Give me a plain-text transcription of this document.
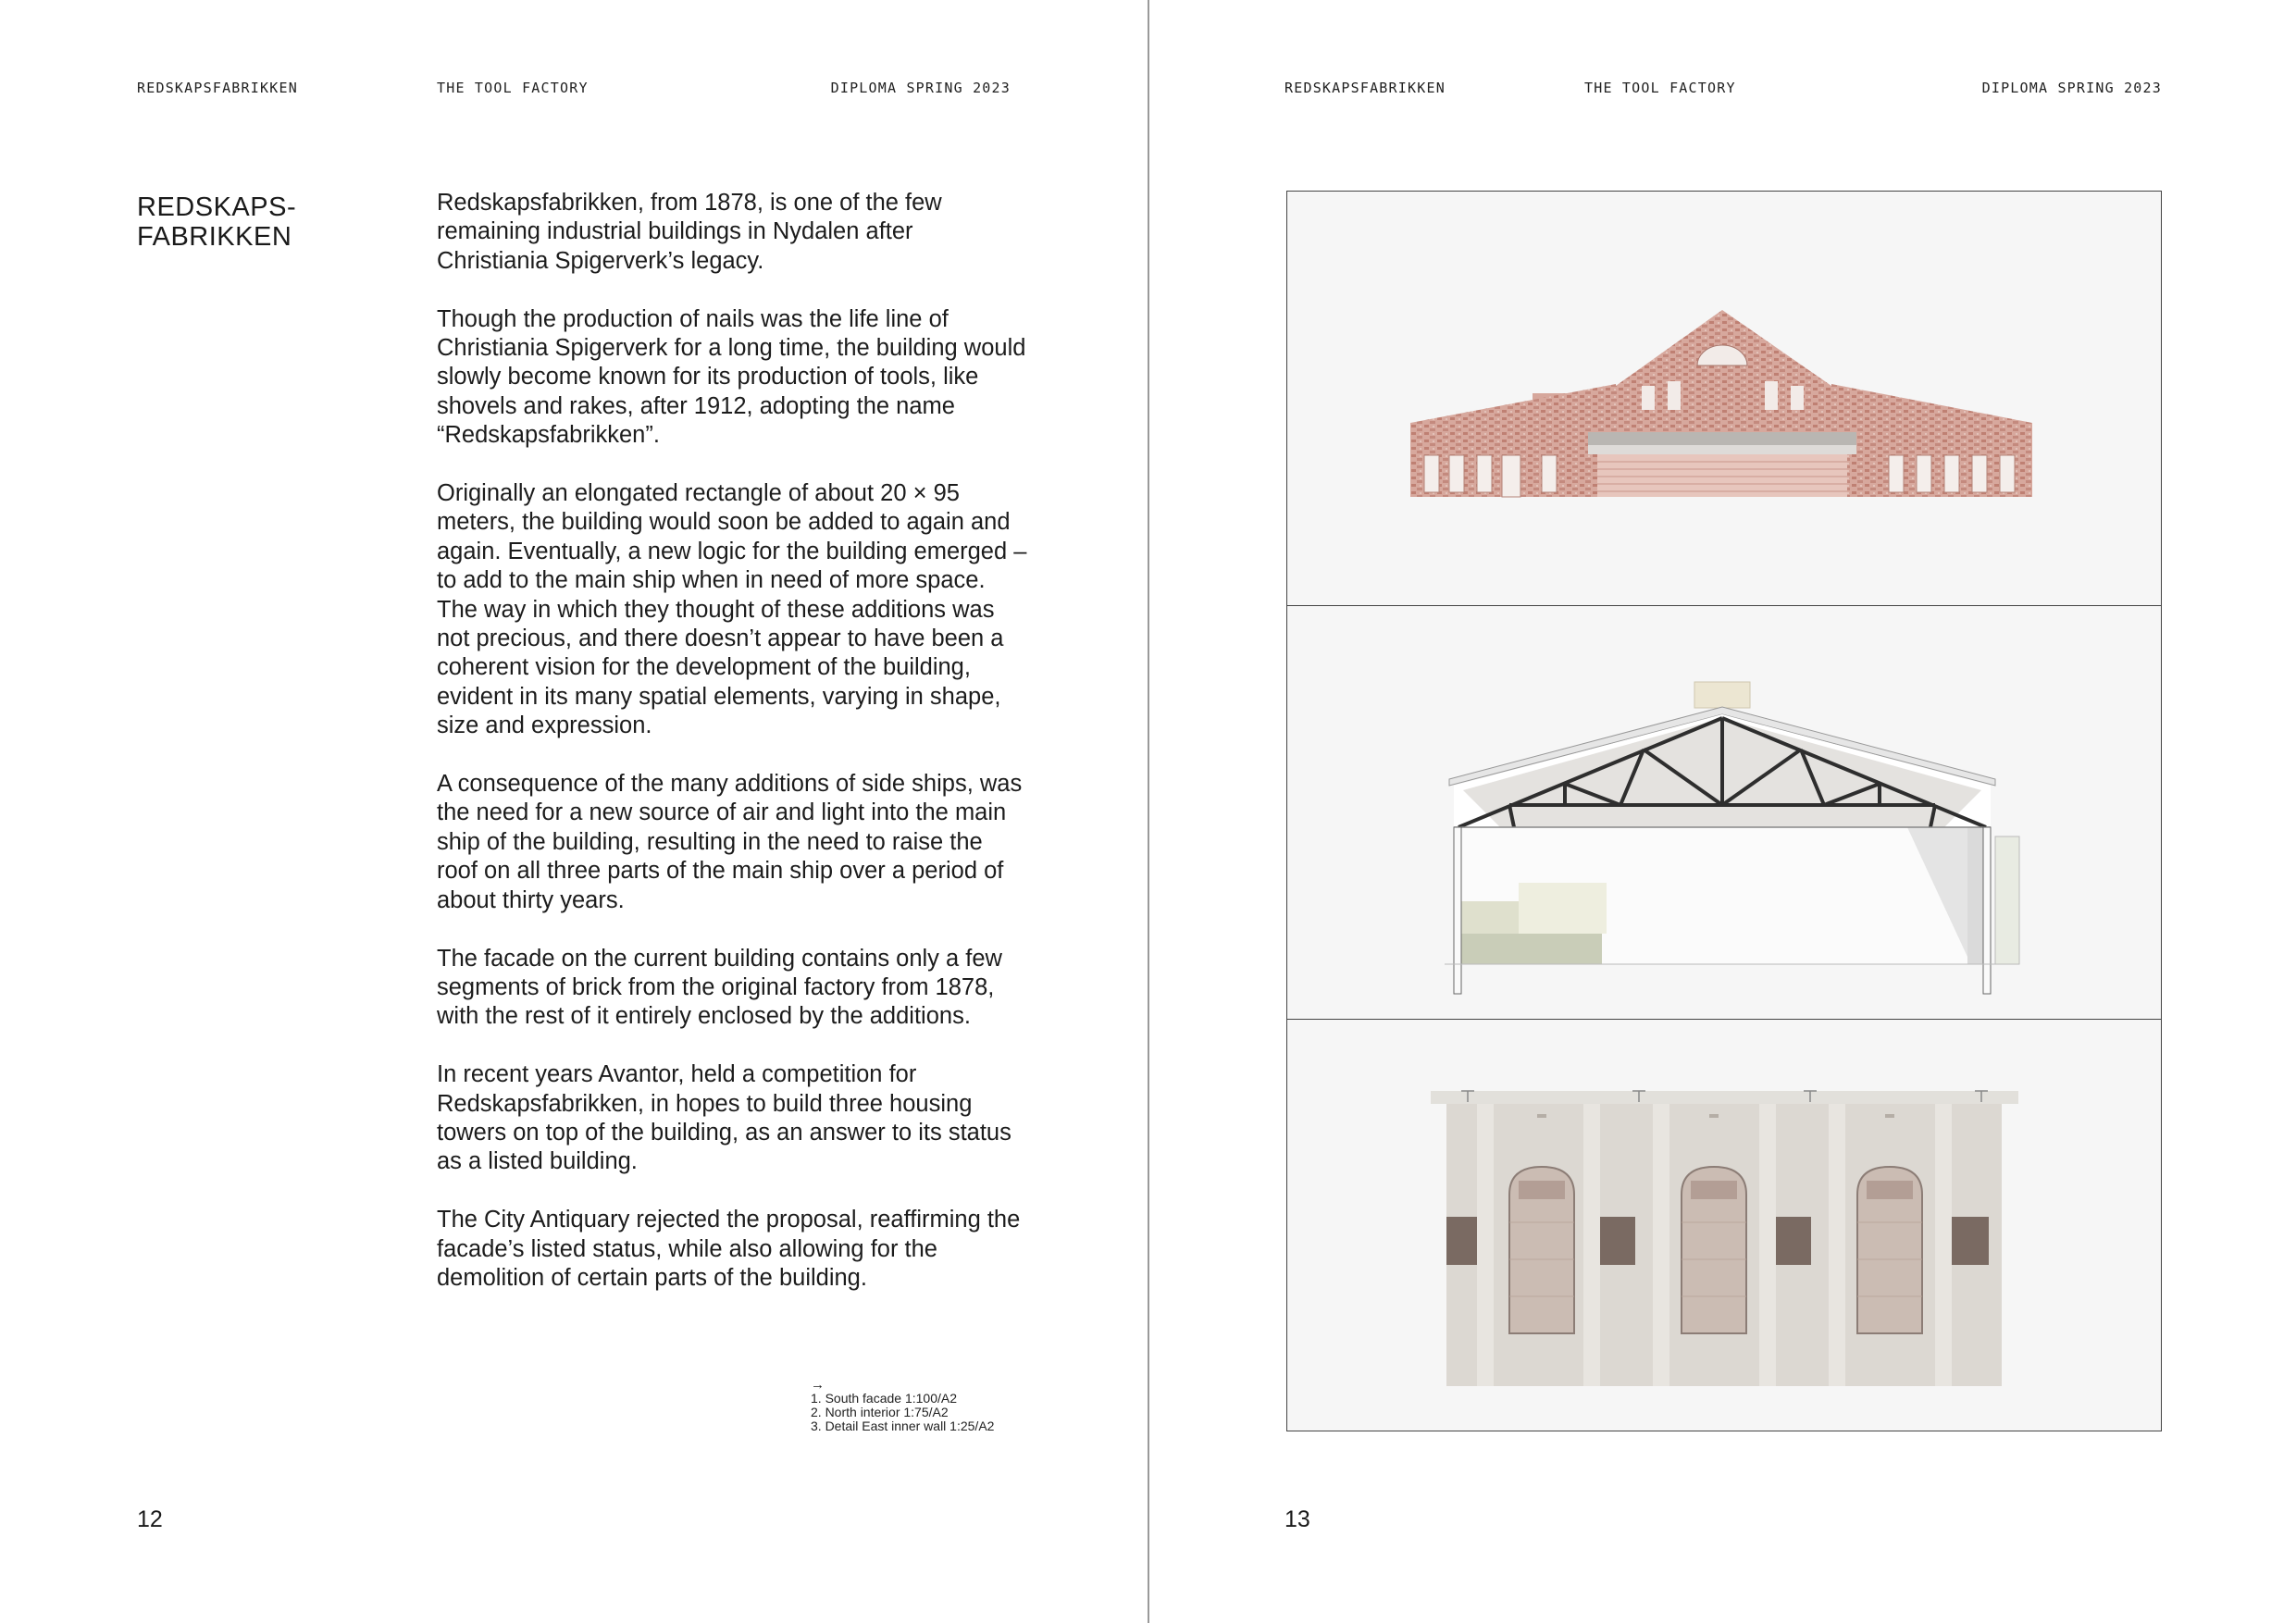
REDSKAPSFABRIKKEN	THE TOOL FACTORY	DIPLOMA SPRING 2023
REDSKAPS-
FABRIKKEN

Redskapsfabrikken, from 1878, is one of the few remaining industrial buildings in Nydalen after Christiania Spigerverk’s legacy.

Though the production of nails was the life line of Christiania Spigerverk for a long time, the building would slowly become known for its production of tools, like shovels and rakes, after 1912, adopting the name “Redskapsfabrikken”.

Originally an elongated rectangle of about 20 × 95 meters, the building would soon be added to again and again. Eventually, a new logic for the building emerged – to add to the main ship when in need of more space. The way in which they thought of these additions was not precious, and there doesn’t appear to have been a coherent vision for the development of the building, evident in its many spatial elements, varying in shape, size and expression.

A consequence of the many additions of side ships, was the need for a new source of air and light into the main ship of the building, resulting in the need to raise the roof on all three parts of the main ship over a period of about thirty years.

The facade on the current building contains only a few segments of brick from the original factory from 1878, with the rest of it entirely enclosed by the additions.

In recent years Avantor, held a competition for Redskapsfabrikken, in hopes to build three housing towers on top of the building, as an answer to its status as a listed building.

The City Antiquary rejected the proposal, reaffirming the facade’s listed status, while also allowing for the demolition of certain parts of the building.

→
1. South facade 1:100/A2
2. North interior 1:75/A2
3. Detail East inner wall 1:25/A2
12
REDSKAPSFABRIKKEN	THE TOOL FACTORY	DIPLOMA SPRING 2023
13
